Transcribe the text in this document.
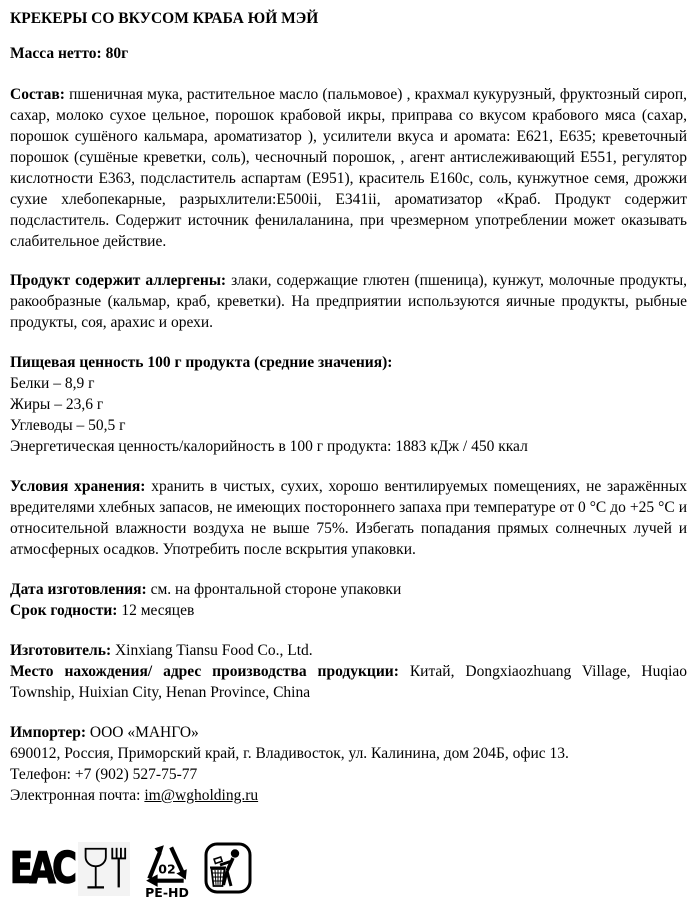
КРЕКЕРЫ СО ВКУСОМ КРАБА ЮЙ МЭЙ

Масса нетто: 80г

Состав: пшеничная мука, растительное масло (пальмовое) , крахмал кукурузный, фруктозный сироп, сахар, молоко сухое цельное, порошок крабовой икры, приправа со вкусом крабового мяса (сахар, порошок сушёного кальмара, ароматизатор ), усилители вкуса и аромата: Е621, Е635; креветочный порошок (сушёные креветки, соль), чесночный порошок, , агент антислеживающий Е551, регулятор кислотности Е363, подсластитель аспартам (Е951), краситель Е160с, соль, кунжутное семя, дрожжи сухие хлебопекарные, разрыхлители:Е500ii, Е341ii, ароматизатор «Краб. Продукт содержит подсластитель. Содержит источник фенилаланина, при чрезмерном употреблении может оказывать слабительное действие.

Продукт содержит аллергены: злаки, содержащие глютен (пшеница), кунжут, молочные продукты, ракообразные (кальмар, краб, креветки). На предприятии используются яичные продукты, рыбные продукты, соя, арахис и орехи.

Пищевая ценность 100 г продукта (средние значения):

Белки – 8,9 г

Жиры – 23,6 г

Углеводы – 50,5 г

Энергетическая ценность/калорийность в 100 г продукта: 1883 кДж / 450 ккал

Условия хранения: хранить в чистых, сухих, хорошо вентилируемых помещениях, не заражённых вредителями хлебных запасов, не имеющих постороннего запаха при температуре от 0 °С до +25 °С и относительной влажности воздуха не выше 75%. Избегать попадания прямых солнечных лучей и атмосферных осадков. Употребить после вскрытия упаковки.

Дата изготовления: см. на фронтальной стороне упаковки

Срок годности: 12 месяцев

Изготовитель: Xinxiang Tiansu Food Co., Ltd.

Место нахождения/ адрес производства продукции: Китай, Dongxiaozhuang Village, Huqiao Township, Huixian City, Henan Province, China

Импортер: ООО «МАНГО»

690012, Россия, Приморский край, г. Владивосток, ул. Калинина, дом 204Б, офис 13.

Телефон: +7 (902) 527-75-77

Электронная почта: im@wgholding.ru

EAC	02
PE-HD
